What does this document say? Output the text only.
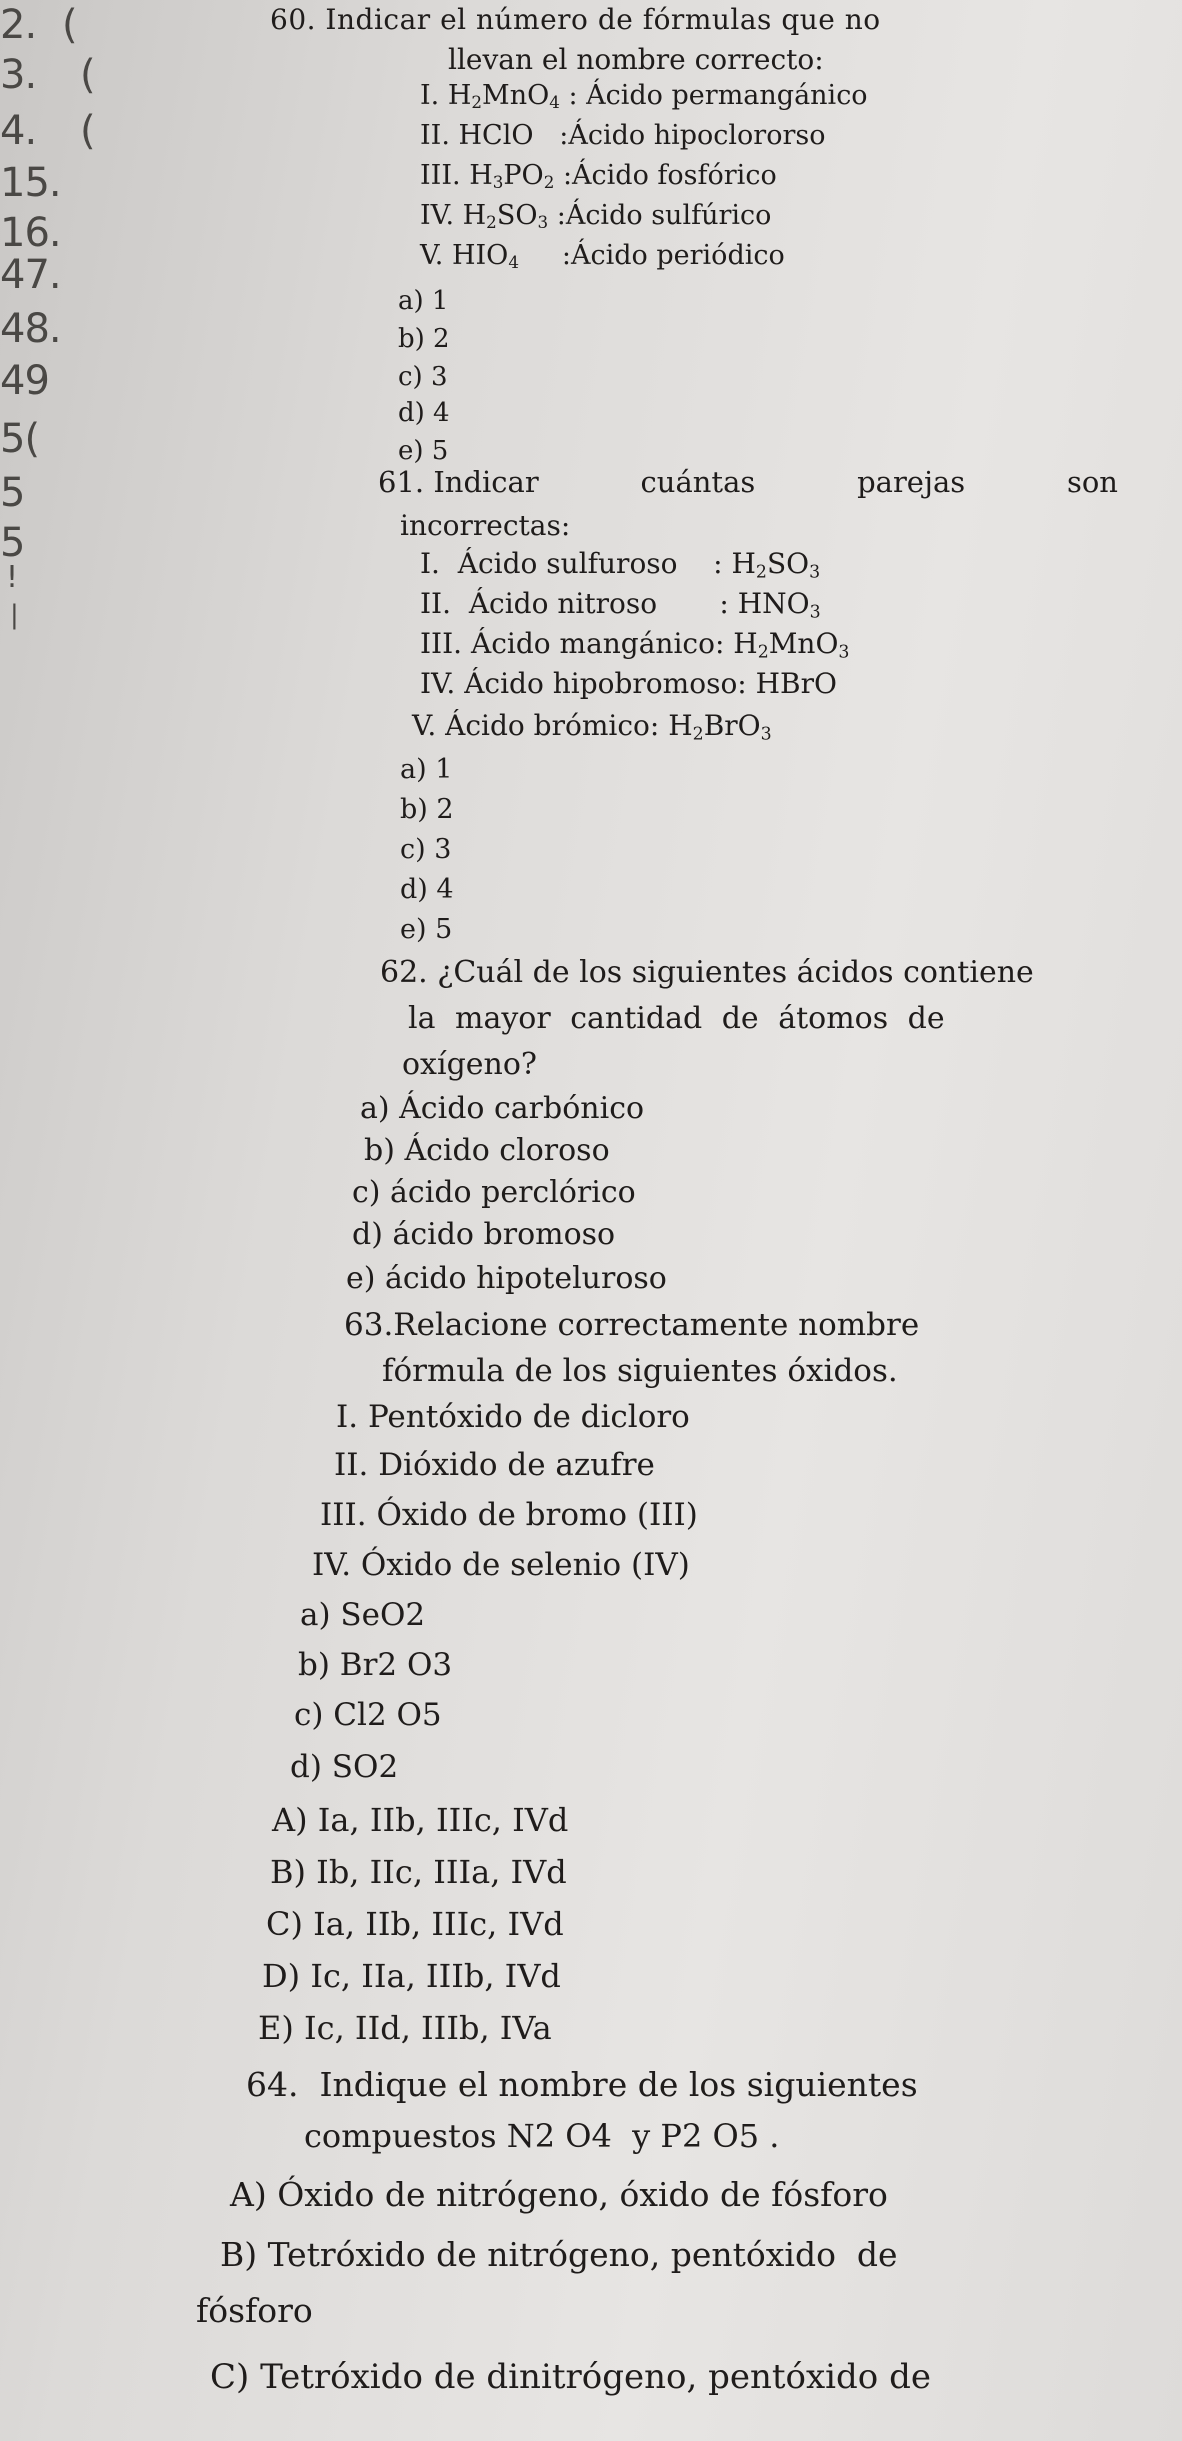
2. (
3. (
4. (
15.
16.
47.
48.
49
5(
5
5
!
|
60. Indicar el número de fórmulas que no
llevan el nombre correcto:
I. $H_2MnO_4$ : Ácido permangánico
II. HClO :Ácido hipoclororso
III. $H_3PO_2$ :Ácido fosfórico
IV. $H_2SO_3$ :Ácido sulfúrico
V. $HIO_4$ :Ácido periódico
a) 1
b) 2
c) 3
d) 4
e) 5
61. Indicar	cuántas	parejas	son
incorrectas:
I.  Ácido sulfuroso    : $H_2SO_3$
II.  Ácido nitroso       : $HNO_3$
III. Ácido mangánico: $H_2MnO_3$
IV. Ácido hipobromoso: HBrO
V. Ácido brómico: $H_2BrO_3$
a) 1
b) 2
c) 3
d) 4
e) 5
62. ¿Cuál de los siguientes ácidos contiene
la mayor cantidad de átomos de
oxígeno?
a) Ácido carbónico
b) Ácido cloroso
c) ácido perclórico
d) ácido bromoso
e) ácido hipoteluroso
63.Relacione correctamente nombre
fórmula de los siguientes óxidos.
I. Pentóxido de dicloro
II. Dióxido de azufre
III. Óxido de bromo (III)
IV. Óxido de selenio (IV)
a) SeO2
b) Br2 O3
c) Cl2 O5
d) SO2
A) Ia, IIb, IIIc, IVd
B) Ib, IIc, IIIa, IVd
C) Ia, IIb, IIIc, IVd
D) Ic, IIa, IIIb, IVd
E) Ic, IId, IIIb, IVa
64.  Indique el nombre de los siguientes
compuestos N2 O4  y P2 O5 .
A) Óxido de nitrógeno, óxido de fósforo
B) Tetróxido de nitrógeno, pentóxido  de
fósforo
C) Tetróxido de dinitrógeno, pentóxido de
